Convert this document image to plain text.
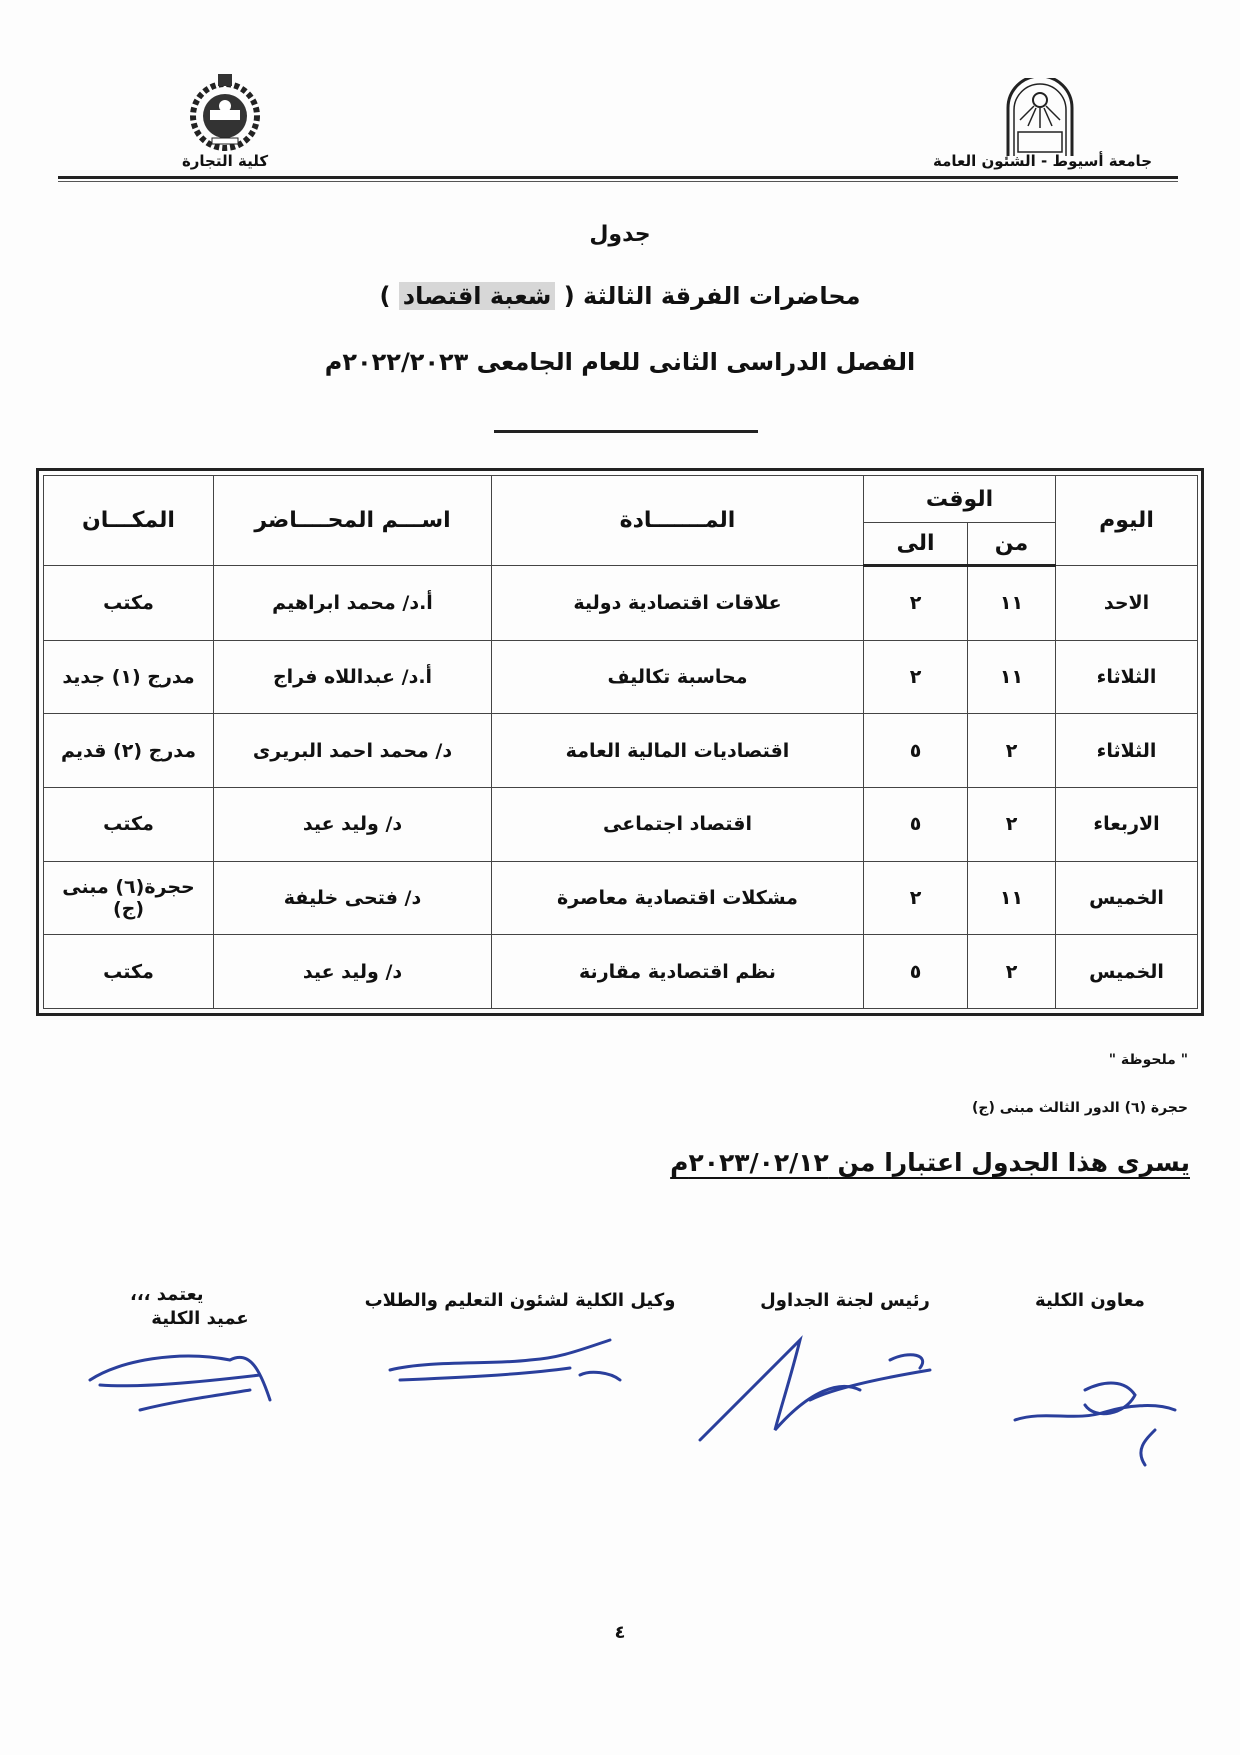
كلية التجارة	جامعة أسيوط - الشئون العامة
جدول
محاضرات الفرقة الثالثة ( شعبة اقتصاد )
الفصل الدراسى الثانى للعام الجامعى ٢٠٢٢/٢٠٢٣م
اليوم	الوقت		المـــــــادة	اســـم المحــــاضر	المكـــان
	من	الى			
الاحد	١١	٢	علاقات اقتصادية دولية	أ.د/ محمد ابراهيم	مكتب
الثلاثاء	١١	٢	محاسبة تكاليف	أ.د/ عبداللاه فراج	مدرج (١) جديد
الثلاثاء	٢	٥	اقتصاديات المالية العامة	د/ محمد احمد البريرى	مدرج (٢) قديم
الاربعاء	٢	٥	اقتصاد اجتماعى	د/ وليد عيد	مكتب
الخميس	١١	٢	مشكلات اقتصادية معاصرة	د/ فتحى خليفة	حجرة(٦) مبنى (ج)
الخميس	٢	٥	نظم اقتصادية مقارنة	د/ وليد عيد	مكتب
" ملحوظة "
حجرة (٦) الدور الثالث مبنى (ج)
يسرى هذا الجدول اعتبارا من ٢٠٢٣/٠٢/١٢م
معاون الكلية
رئيس لجنة الجداول
وكيل الكلية لشئون التعليم والطلاب
يعتمد ،،،
عميد الكلية
٤
